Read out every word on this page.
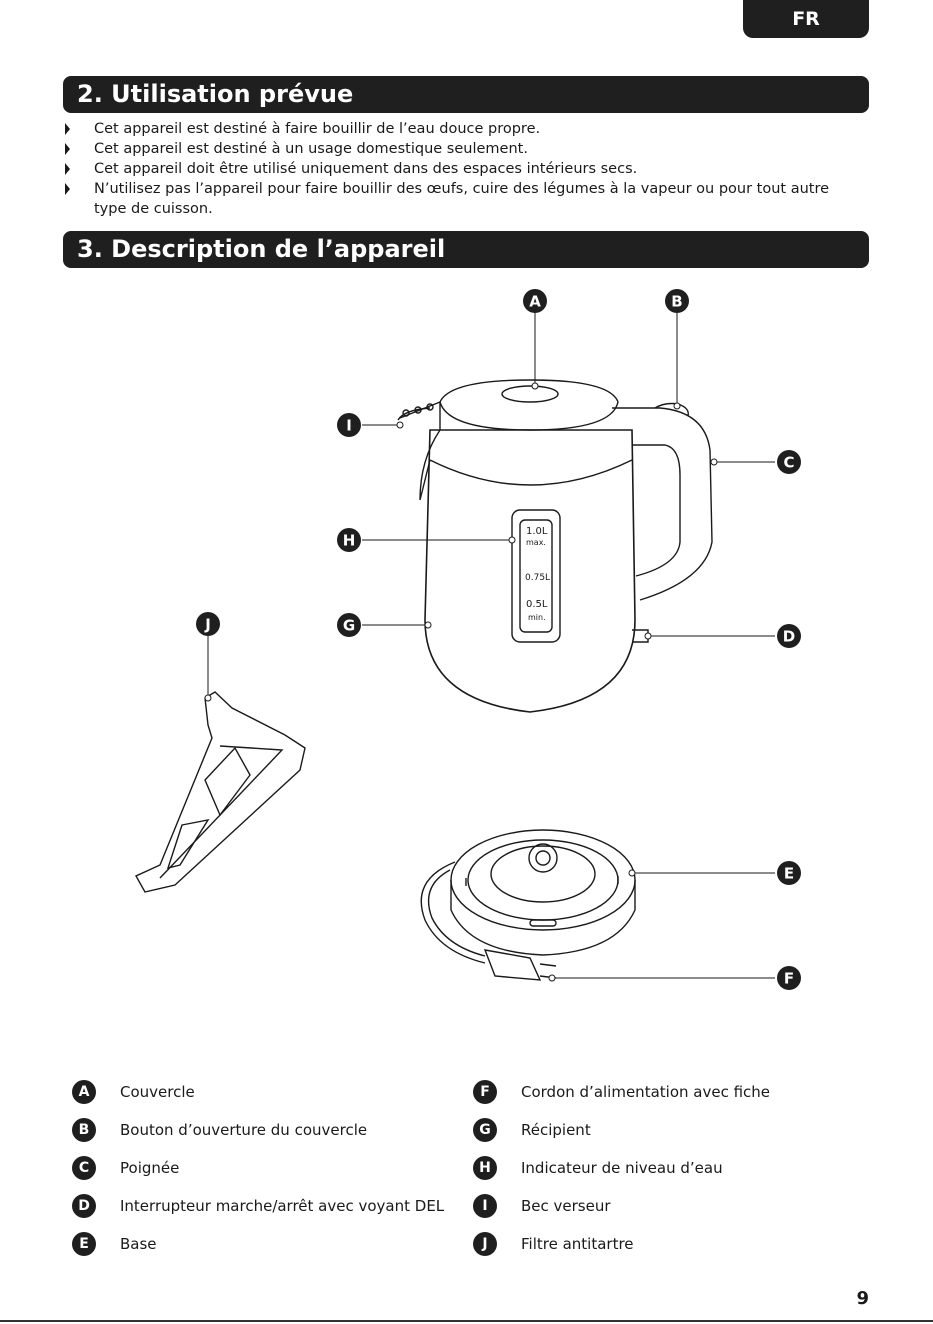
FR
2. Utilisation prévue
Cet appareil est destiné à faire bouillir de l’eau douce propre.
Cet appareil est destiné à un usage domestique seulement.
Cet appareil doit être utilisé uniquement dans des espaces intérieurs secs.
N’utilisez pas l’appareil pour faire bouillir des œufs, cuire des légumes à la vapeur ou pour tout autre type de cuisson.
3. Description de l’appareil
1.0L
max.
0.75L
0.5L
min.
A	B
C
D
E
F
G
H
I
J
A	Couvercle
B	Bouton d’ouverture du couvercle
C	Poignée
D	Interrupteur marche/arrêt avec voyant DEL
E	Base
F	Cordon d’alimentation avec fiche
G	Récipient
H	Indicateur de niveau d’eau
I	Bec verseur
J	Filtre antitartre
9
